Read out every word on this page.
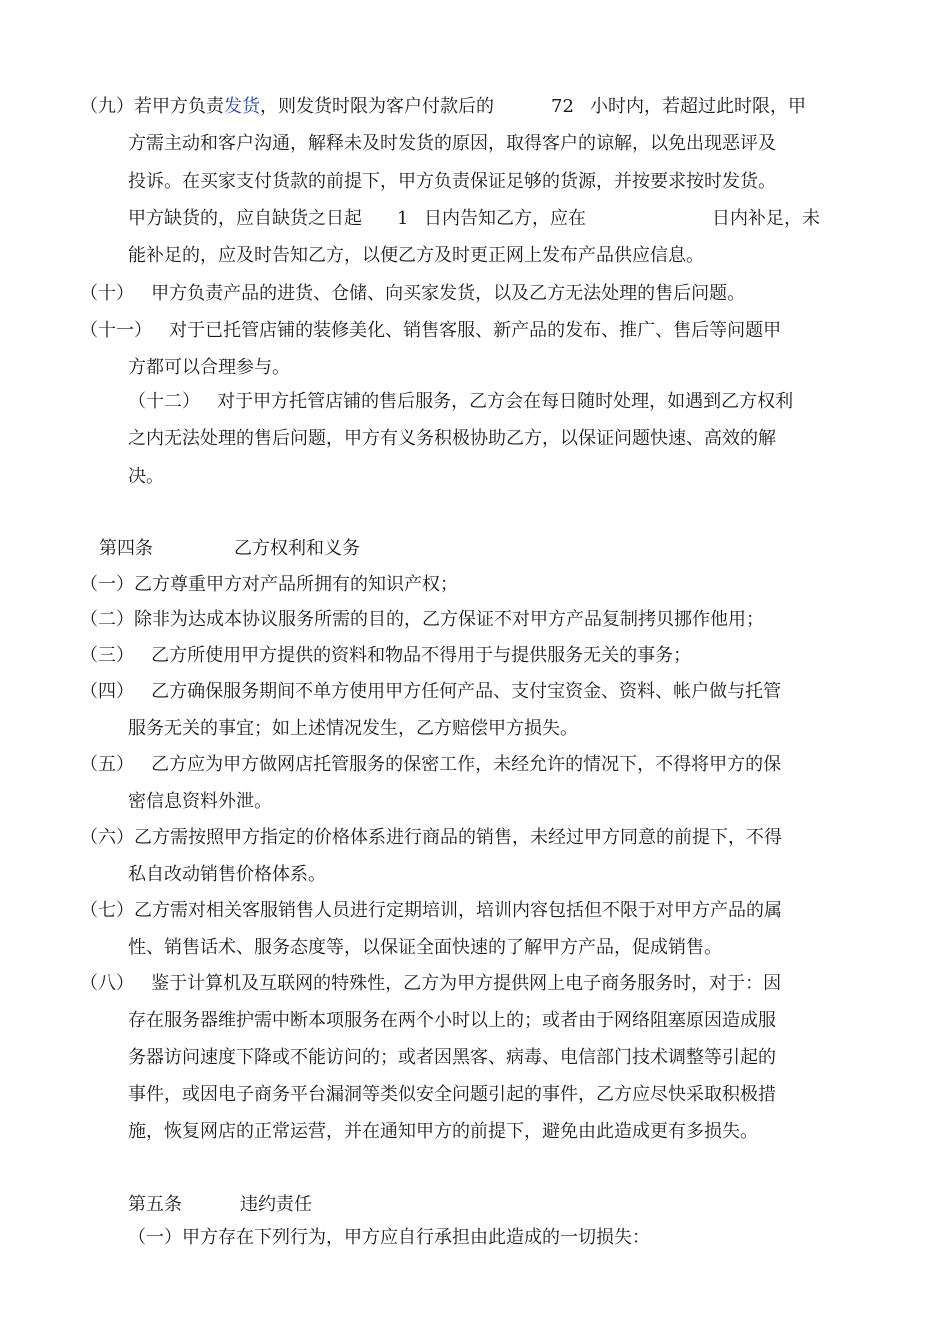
（九）若甲方负责发货，则发货时限为客户付款后的	72 小时内，若超过此时限，甲
方需主动和客户沟通，解释未及时发货的原因，取得客户的谅解，以免出现恶评及
投诉。在买家支付货款的前提下，甲方负责保证足够的货源，并按要求按时发货。
甲方缺货的，应自缺货之日起 1 日内告知乙方，应在	日内补足，未
能补足的，应及时告知乙方，以便乙方及时更正网上发布产品供应信息。
（十）   甲方负责产品的进货、仓储、向买家发货，以及乙方无法处理的售后问题。
（十一）   对于已托管店铺的装修美化、销售客服、新产品的发布、推广、售后等问题甲
方都可以合理参与。
（十二）   对于甲方托管店铺的售后服务，乙方会在每日随时处理，如遇到乙方权利
之内无法处理的售后问题，甲方有义务积极协助乙方，以保证问题快速、高效的解
决。
第四条	乙方权利和义务
（一）乙方尊重甲方对产品所拥有的知识产权；
（二）除非为达成本协议服务所需的目的，乙方保证不对甲方产品复制拷贝挪作他用；
（三）   乙方所使用甲方提供的资料和物品不得用于与提供服务无关的事务；
（四）   乙方确保服务期间不单方使用甲方任何产品、支付宝资金、资料、帐户做与托管
服务无关的事宜；如上述情况发生，乙方赔偿甲方损失。
（五）   乙方应为甲方做网店托管服务的保密工作，未经允许的情况下，不得将甲方的保
密信息资料外泄。
（六）乙方需按照甲方指定的价格体系进行商品的销售，未经过甲方同意的前提下，不得
私自改动销售价格体系。
（七）乙方需对相关客服销售人员进行定期培训，培训内容包括但不限于对甲方产品的属
性、销售话术、服务态度等，以保证全面快速的了解甲方产品，促成销售。
（八）   鉴于计算机及互联网的特殊性，乙方为甲方提供网上电子商务服务时，对于：因
存在服务器维护需中断本项服务在两个小时以上的；或者由于网络阻塞原因造成服
务器访问速度下降或不能访问的；或者因黑客、病毒、电信部门技术调整等引起的
事件，或因电子商务平台漏洞等类似安全问题引起的事件，乙方应尽快采取积极措
施，恢复网店的正常运营，并在通知甲方的前提下，避免由此造成更有多损失。
第五条	违约责任
（一）甲方存在下列行为，甲方应自行承担由此造成的一切损失：
